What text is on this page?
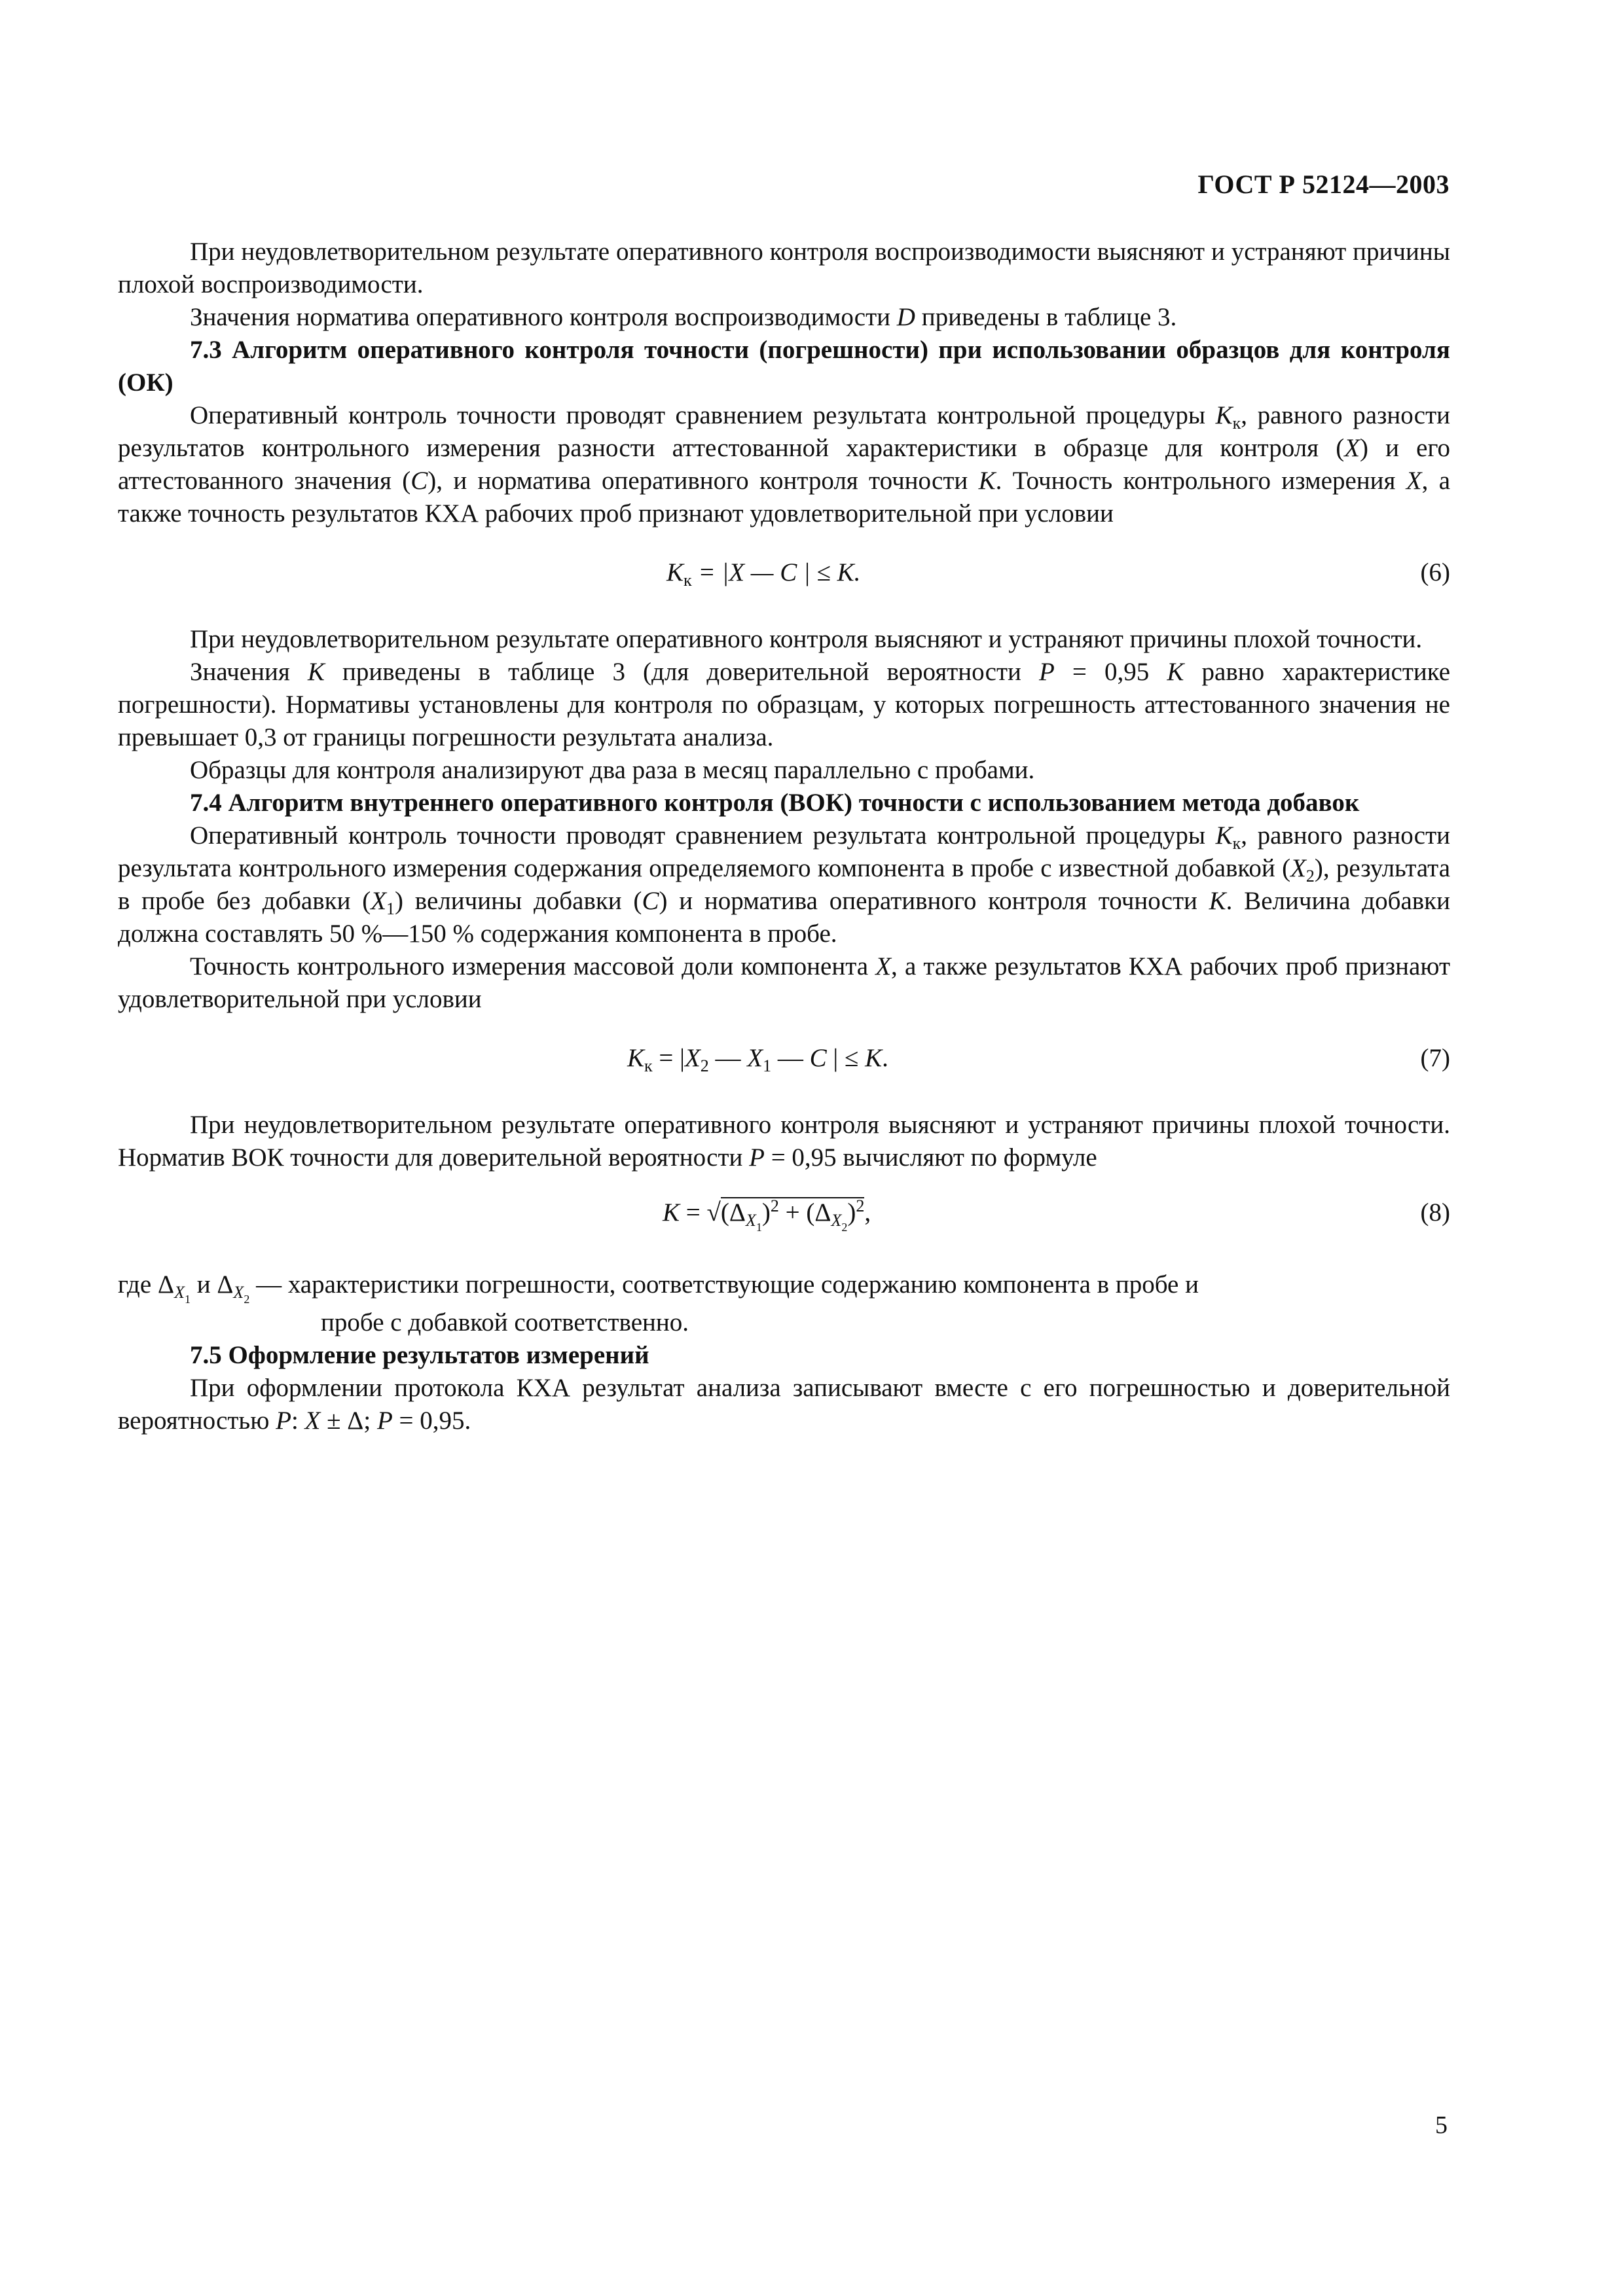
ГОСТ Р 52124—2003

При неудовлетворительном результате оперативного контроля воспроизводимости выясняют и устраняют причины плохой воспроизводимости.

Значения норматива оперативного контроля воспроизводимости D приведены в таблице 3.

7.3 Алгоритм оперативного контроля точности (погрешности) при использовании образцов для контроля (ОК)

Оперативный контроль точности проводят сравнением результата контрольной процедуры $K_к$, равного разности результатов контрольного измерения разности аттестованной характеристики в образце для контроля (X) и его аттестованного значения (C), и норматива оперативного контроля точности K. Точность контрольного измерения X, а также точность результатов КХА рабочих проб признают удовлетворительной при условии

$K_к = |X$ — C | ≤ K.	(6)

При неудовлетворительном результате оперативного контроля выясняют и устраняют причины плохой точности.

Значения K приведены в таблице 3 (для доверительной вероятности P = 0,95 K равно характеристике погрешности). Нормативы установлены для контроля по образцам, у которых погрешность аттестованного значения не превышает 0,3 от границы погрешности результата анализа.

Образцы для контроля анализируют два раза в месяц параллельно с пробами.

7.4 Алгоритм внутреннего оперативного контроля (ВОК) точности с использованием метода добавок

Оперативный контроль точности проводят сравнением результата контрольной процедуры $K_к$, равного разности результата контрольного измерения содержания определяемого компонента в пробе с известной добавкой $(X_2)$, результата в пробе без добавки $(X_1)$ величины добавки (C) и норматива оперативного контроля точности K. Величина добавки должна составлять 50 %—150 % содержания компонента в пробе.

Точность контрольного измерения массовой доли компонента X, а также результатов КХА рабочих проб признают удовлетворительной при условии

$K_к = |X_2$ — $X_1$ — C | ≤ K.	(7)

При неудовлетворительном результате оперативного контроля выясняют и устраняют причины плохой точности. Норматив ВОК точности для доверительной вероятности P = 0,95 вычисляют по формуле

$K = √(\Delta_{X_1})^2 + (\Delta_{X_2})^2$,	(8)

где $\Delta_{X_1}$ и $\Delta_{X_2}$ — характеристики погрешности, соответствующие содержанию компонента в пробе и

пробе с добавкой соответственно.

7.5 Оформление результатов измерений

При оформлении протокола КХА результат анализа записывают вместе с его погрешностью и доверительной вероятностью P: X ± Δ; P = 0,95.

5
